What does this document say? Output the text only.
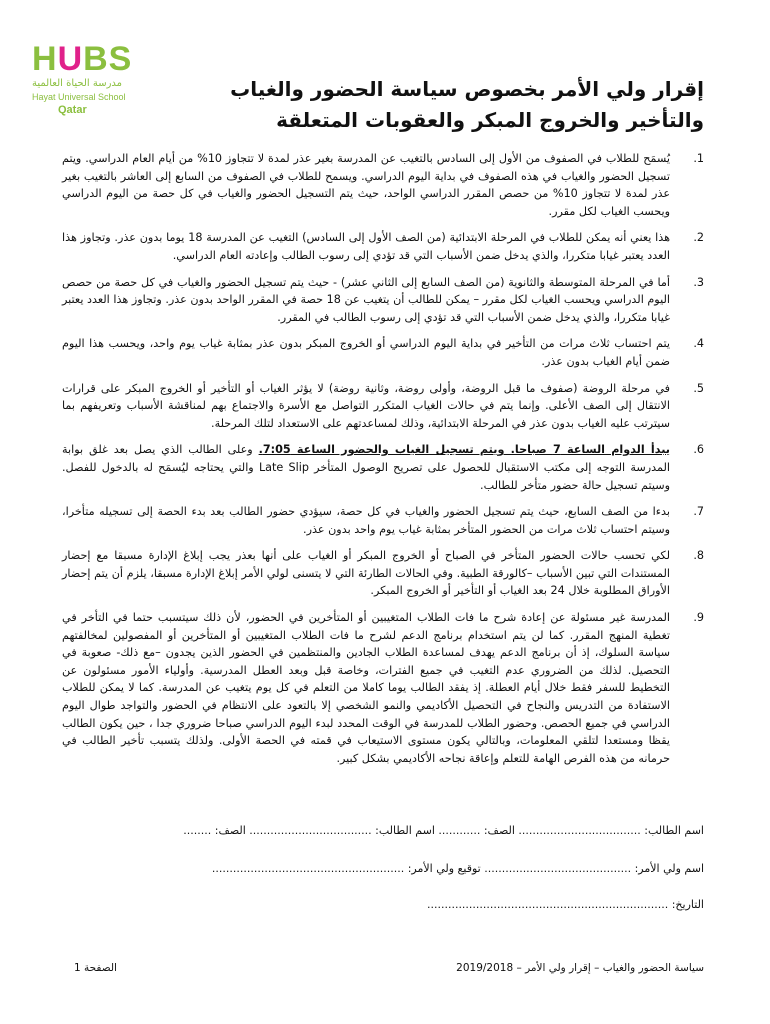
HUBS
مدرسة الحياة العالمية
Hayat Universal School
Qatar
إقرار ولي الأمر بخصوص سياسة الحضور والغياب
والتأخير والخروج المبكر والعقوبات المتعلقة
1.
يُسمَح للطلاب في الصفوف من الأول إلى السادس بالتغيب عن المدرسة بغير عذر لمدة لا تتجاوز 10% من أيام العام الدراسي. ويتم تسجيل الحضور والغياب في هذه الصفوف في بداية اليوم الدراسي. ويسمح للطلاب في الصفوف من السابع إلى العاشر بالتغيب بغير عذر لمدة لا تتجاوز 10% من حصص المقرر الدراسي الواحد، حيث يتم التسجيل الحضور والغياب في كل حصة من اليوم الدراسي ويحسب الغياب لكل مقرر.
2.
هذا يعني أنه يمكن للطلاب في المرحلة الابتدائية (من الصف الأول إلى السادس) التغيب عن المدرسة 18 يوما بدون عذر. وتجاوز هذا العدد يعتبر غيابا متكررا، والذي يدخل ضمن الأسباب التي قد تؤدي إلى رسوب الطالب وإعادته العام الدراسي.
3.
أما في المرحلة المتوسطة والثانوية (من الصف السابع إلى الثاني عشر) - حيث يتم تسجيل الحضور والغياب في كل حصة من حصص اليوم الدراسي ويحسب الغياب لكل مقرر – يمكن للطالب أن يتغيب عن 18 حصة في المقرر الواحد بدون عذر. وتجاوز هذا العدد يعتبر غيابا متكررا، والذي يدخل ضمن الأسباب التي قد تؤدي إلى رسوب الطالب في المقرر.
4.
يتم احتساب ثلاث مرات من التأخير في بداية اليوم الدراسي أو الخروج المبكر بدون عذر بمثابة غياب يوم واحد، ويحسب هذا اليوم ضمن أيام الغياب بدون عذر.
5.
في مرحلة الروضة (صفوف ما قبل الروضة، وأولى روضة، وثانية روضة) لا يؤثر الغياب أو التأخير أو الخروج المبكر على قرارات الانتقال إلى الصف الأعلى. وإنما يتم في حالات الغياب المتكرر التواصل مع الأسرة والاجتماع بهم لمناقشة الأسباب وتعريفهم بما سيترتب عليه الغياب بدون عذر في المرحلة الابتدائية، وذلك لمساعدتهم على الاستعداد لتلك المرحلة.
6.
يبدأ الدوام الساعة 7 صباحا. ويتم تسجيل الغياب والحضور الساعة 7:05. وعلى الطالب الذي يصل بعد غلق بوابة المدرسة التوجه إلى مكتب الاستقبال للحصول على تصريح الوصول المتأخر Late Slip والتي يحتاجه ليُسمَح له بالدخول للفصل. وسيتم تسجيل حالة حضور متأخر للطالب.
7.
بدءا من الصف السابع، حيث يتم تسجيل الحضور والغياب في كل حصة، سيؤدي حضور الطالب بعد بدء الحصة إلى تسجيله متأخرا، وسيتم احتساب ثلاث مرات من الحضور المتأخر بمثابة غياب يوم واحد بدون عذر.
8.
لكي تحسب حالات الحضور المتأخر في الصباح أو الخروج المبكر أو الغياب على أنها بعذر يجب إبلاغ الإدارة مسبقا مع إحضار المستندات التي تبين الأسباب –كالورقة الطبية. وفي الحالات الطارئة التي لا يتسنى لولي الأمر إبلاغ الإدارة مسبقا، يلزم أن يتم إحضار الأوراق المطلوبة خلال 24 بعد الغياب أو التأخير أو الخروج المبكر.
9.
المدرسة غير مسئولة عن إعادة شرح ما فات الطلاب المتغيبين أو المتأخرين في الحضور، لأن ذلك سيتسبب حتما في التأخر في تغطية المنهج المقرر. كما لن يتم استخدام برنامج الدعم لشرح ما فات الطلاب المتغيبين أو المتأخرين أو المفصولين لمخالفتهم سياسة السلوك، إذ أن برنامج الدعم يهدف لمساعدة الطلاب الجادين والمنتظمين في الحضور الذين يجدون –مع ذلك- صعوبة في التحصيل. لذلك من الضروري عدم التغيب في جميع الفترات، وخاصة قبل وبعد العطل المدرسية. وأولياء الأمور مسئولون عن التخطيط للسفر فقط خلال أيام العطلة. إذ يفقد الطالب يوما كاملا من التعلم في كل يوم يتغيب عن المدرسة. كما لا يمكن للطلاب الاستفادة من التدريس والنجاح في التحصيل الأكاديمي والنمو الشخصي إلا بالتعود على الانتظام في الحضور والتواجد طوال اليوم الدراسي في جميع الحصص. وحضور الطلاب للمدرسة في الوقت المحدد لبدء اليوم الدراسي صباحا ضروري جدا ، حين يكون الطالب يقظا ومستعدا لتلقي المعلومات، وبالتالي يكون مستوى الاستيعاب في قمته في الحصة الأولى. ولذلك يتسبب تأخير الطالب في حرمانه من هذه الفرص الهامة للتعلم وإعاقة نجاحه الأكاديمي بشكل كبير.
اسم الطالب: ................................... الصف: ............ اسم الطالب: ................................... الصف: ........
اسم ولي الأمر: .......................................... توقيع ولي الأمر: .......................................................
التاريخ: .....................................................................
سياسة الحضور والغياب – إقرار ولي الأمر – 2019/2018
الصفحة 1
